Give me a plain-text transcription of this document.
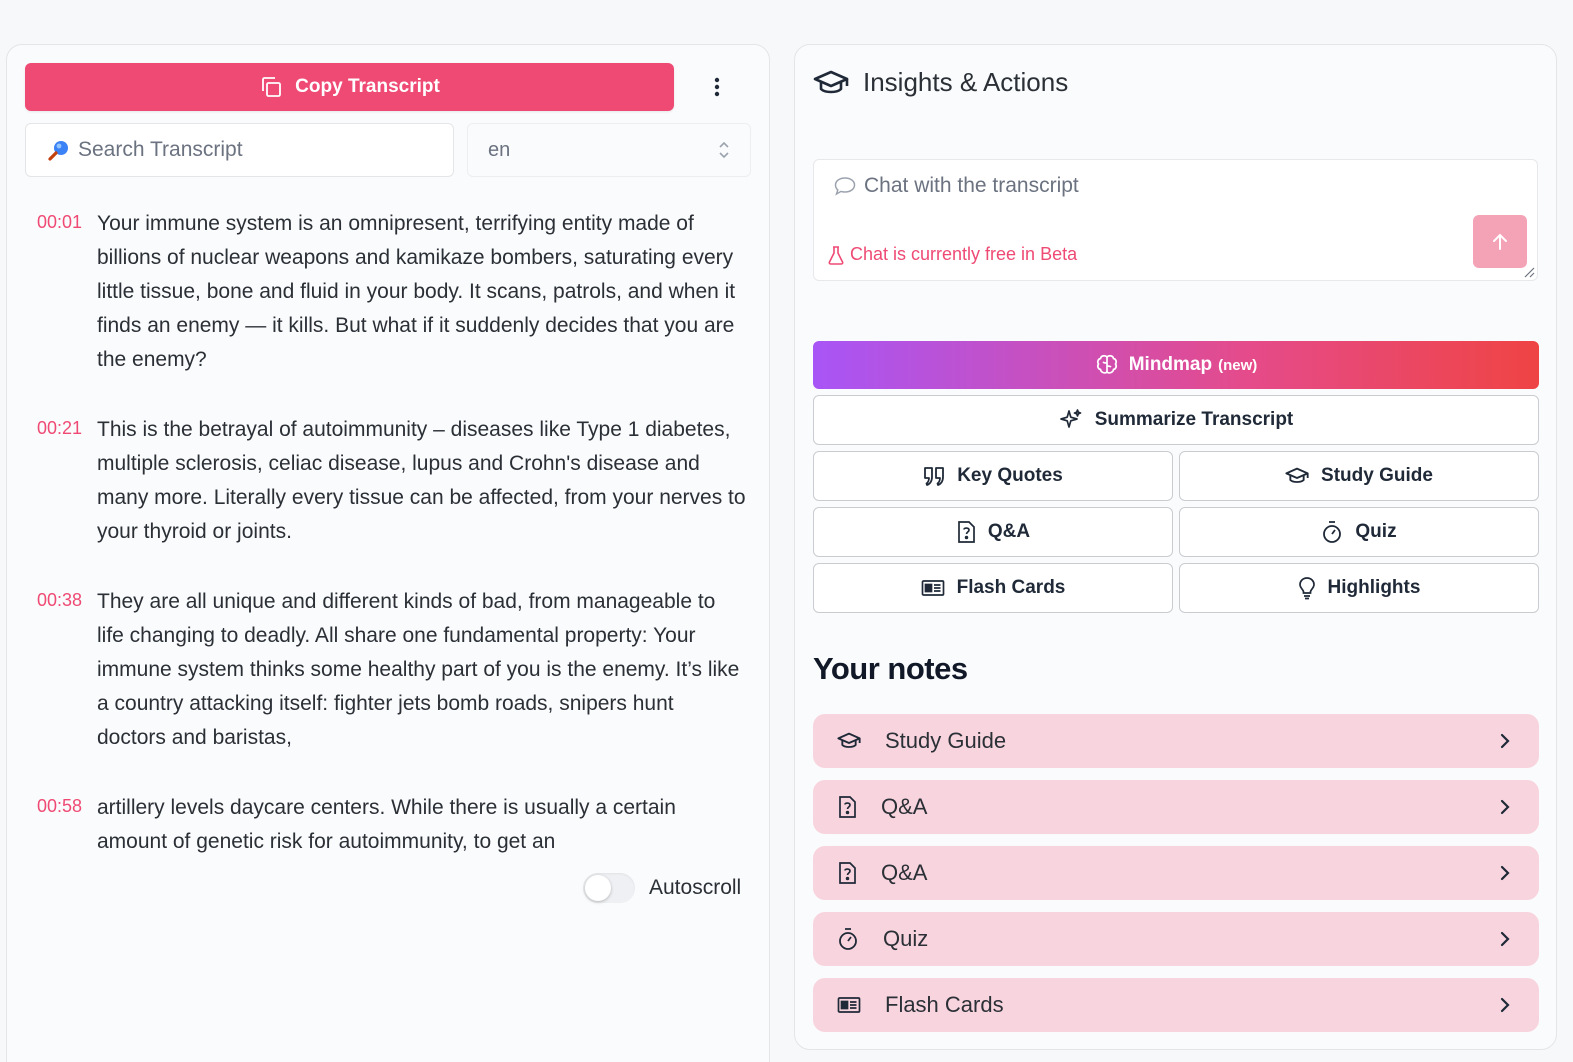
Copy Transcript
Search Transcript
en
00:01 Your immune system is an omnipresent, terrifying entity made of billions of nuclear weapons and kamikaze bombers, saturating every little tissue, bone and fluid in your body. It scans, patrols, and when it finds an enemy — it kills. But what if it suddenly decides that you are the enemy?
00:21 This is the betrayal of autoimmunity – diseases like Type 1 diabetes, multiple sclerosis, celiac disease, lupus and Crohn's disease and many more. Literally every tissue can be affected, from your nerves to your thyroid or joints.
00:38 They are all unique and different kinds of bad, from manageable to life changing to deadly. All share one fundamental property: Your immune system thinks some healthy part of you is the enemy. It’s like a country attacking itself: fighter jets bomb roads, snipers hunt doctors and baristas,
00:58 artillery levels daycare centers. While there is usually a certain amount of genetic risk for autoimmunity, to get an
Autoscroll
Insights & Actions
Chat with the transcript
Chat is currently free in Beta
Mindmap (new)
Summarize Transcript
Key Quotes	Study Guide
Q&A	Quiz
Flash Cards	Highlights
Your notes
Study Guide
Q&A
Q&A
Quiz
Flash Cards
